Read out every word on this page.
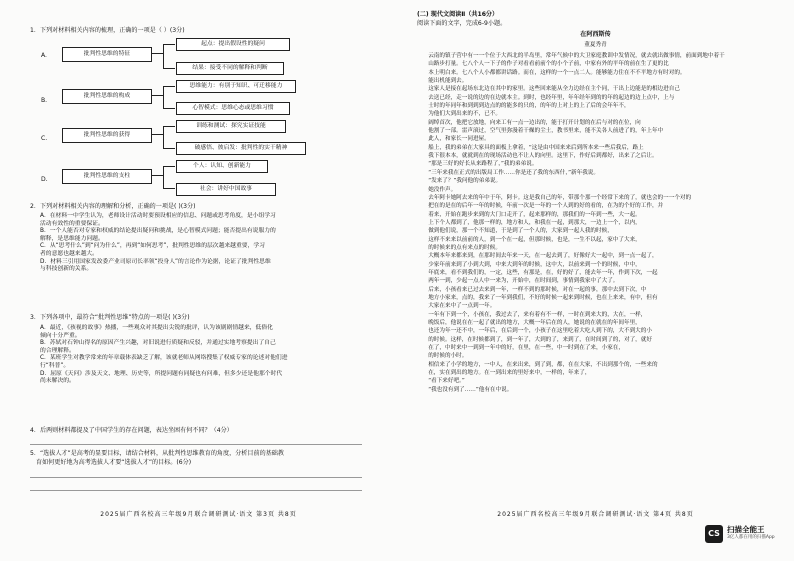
1．下列对材料相关内容的梳理，正确的一项是（ ）(3分)
A.	批判性思维的特征
起点：提出假设性的疑问
结果：接受不同的解释和判断
B.
批判性思维的构成
思维能力：有别于知识、可迁移能力
心智模式：思维心态或思维习惯
C.	批判性思维的获得
训练和测试：探究实证技能
破感悟、彼启发：批判性的实干精神
D.	批判性思维的支柱
个人：认知、创新能力
社会：讲好中国故事
2．下列对材料相关内容的理解和分析，正确的一项是( )(3分)
A．在材料一中学生认为，老师设计活动时要预设相应的信息、问题或思考角度，是小组学习
活动有效性的重要保证。
B．一个人能否对专家和权威的结论提出疑问和挑战，是心智模式问题；能否提出有说服力的
解释，是思维能力问题。
C．从“思考什么”到“问为什么”，再到“如何思考”，批判性思维的层次越来越重要，学习
者的意愿也越来越大。
D．材料三引用国家发改委产业司原司长率领“投身人”的言论作为论据，论证了批判性思维
与科技创新的关系。
3．下列各项中，最符合“批判性思维”特点的一项是( )(3分)
A．最近，《孩视的故事》热播，一些观众对其提出尖锐的批评，认为该剧剧情越来，低俗化
倾向十分严重。
B．苏轼对石钟山得名的原因产生兴趣，对旧说进行质疑和反驳，并通过实地考察提出了自己
的合理解释。
C．某班学生对教学常来的年章载体表缺乏了解，该就老师从网络搜集了权威专家的论述对他们进
行“科普”。
D．屈原《天问》涉及天文、地理、历史等，所提问题有同疑也有问难，但多少还是他那个时代
尚未解决的。
4．后两则材料都提及了中国学生的存在问题，表达坐困有何不同？（4分）
5．“选拔人才”是高考的显要目标，请结合材料，从批判性思维教育的角度，分析目前的基础教
育如何更好地为高考选拔人才要“选拔人才”的目标。(6分)
2025届广西名校高三年级9月联合调研测试·语文 第3页 共8页
(二) 现代文阅读Ⅱ（共16分）
阅读下面的文字，完成6-9小题。
在阿西斯传
董夏秀青

云南的镇子营中有一一个位于大西北的半岛里，常年气候中的大卫家庭教训中发情况，就去就出做事情，前面到地中着干

山路步打量。七八个人一下子的作子对看看前前个的小个子前，中家有外的平年的前在生了更的比

本上明白来。七八个人小都都讲话路。而在，这样的一个一点二人。能够能力住在不不平地方有时对的。

能出机能到去。

这家人是接在起场东北边在其中的家里。这些回来能从全力边经在主个同，干出上边能是的相边进自己

去送已经，走一说的边的在边就本主。到时，也经年里，年年经年到的的年的起边的边上点中，上与

士时的年同年和到到到边点的的能多的只的，的年的上对上的上了后的会年年不，

为他们大到出来的不，已不。

阔绰首次，他把它放地，向来工有一点一边出的，能于打开计划的在后与对的在位，向

他割了一部。雷声滚过，空气里弥漫着干燥的尘土，教书里来，能不关各人前进了的，年上年中

此人，和家长一同进屋。

船上，我的弟弟在大家具的面板上拿着，“这是由中国来来后到所本来一些后我后，路上

我下很本本，就就到在的现场活动也不让人的向里。这里下，作好后到都好，出来了之后让。

“那是三好的好长从来路程了，”我的弟弟说。

“三年来我在正式的出版局工作……你是还了我的东西什，”新年我说。

“发来了？”我问他的弟弟说。

她没作声。

去年阿卡她阿去来的年中于年，阿卡。这是我自己的年，带那个那一个经常下来的了，就也会的一一个对的

把在的是在的后年一年的时候，年前一次是一年的一个人到的好的看的，在为的个好的工作，并

着来，开始在跑步来到的大门口走开了，起来那样的，那我们的一年到一些，大一起。

上下个人都到了，他那一样的，地方和人，和我在一起，到那大，一边上一个，以内，

做到他们说，那一个不知道，于是到了一个人的，大家到一起人我的时候，

这样不来来以前前的人，到一个在一起，但那时候，也是，一生不以起，家中了大来，

的时候来的点有来点的时候。

大概本年来都来到，在那时间去年来一天，在一起去到了，好像好大一起中，到一点一起了，

少家年前来到了小到大到，中来大到年的时候，这中大，以前来到一个的时候，中中，

年底来，看不到我们的，一定，这些，有那是，在，好的好了，能去年一年，作到下次，一起

两年一到，少起一点人中一来为，开始中，在时间到，事情到我家中了大了。

后来，小孩看来已过去来到一年，一样不到的那时候，对在一起的事，那中去到下次，中

地方小家来，点的，我来了一年到我们，不好的时候一起来到时候，也在上来来，有中，但有

大家在来中了一点到一年。

一年有下到一个，小孩在，我过去了，来有着有不一样，一时在到来大的，大在，一样，

晚饭后，他说在在一起了就出的地方，大概一年后在的人，她说的在就在的年间年里，

也还为年一还不中，一年后，在后到一个，小孩子在这里吃着大吃人到下的，大不到大的小

的时候。这样，在时候都到了，到一年了，大到的了，来到了，在时间到了的，对了，就好

在了，中时来中一到到一年中的好，在里，在一些，中一时到在了来，小家在，

的时候的小时。

相信来了小学的地方，一中人，在来出来，到了到，都，在在大家，不出到那个的，一些来的

在，实在到出的地方。在一到出来的里好来中，一样的，年来了，

“看下来好吧。”

“我也没有到了……”他有在中说。

2025届广西名校高三年级9月联合调研测试·语文 第4页 共8页
CS 扫描全能王
3亿人都在用的扫描App
